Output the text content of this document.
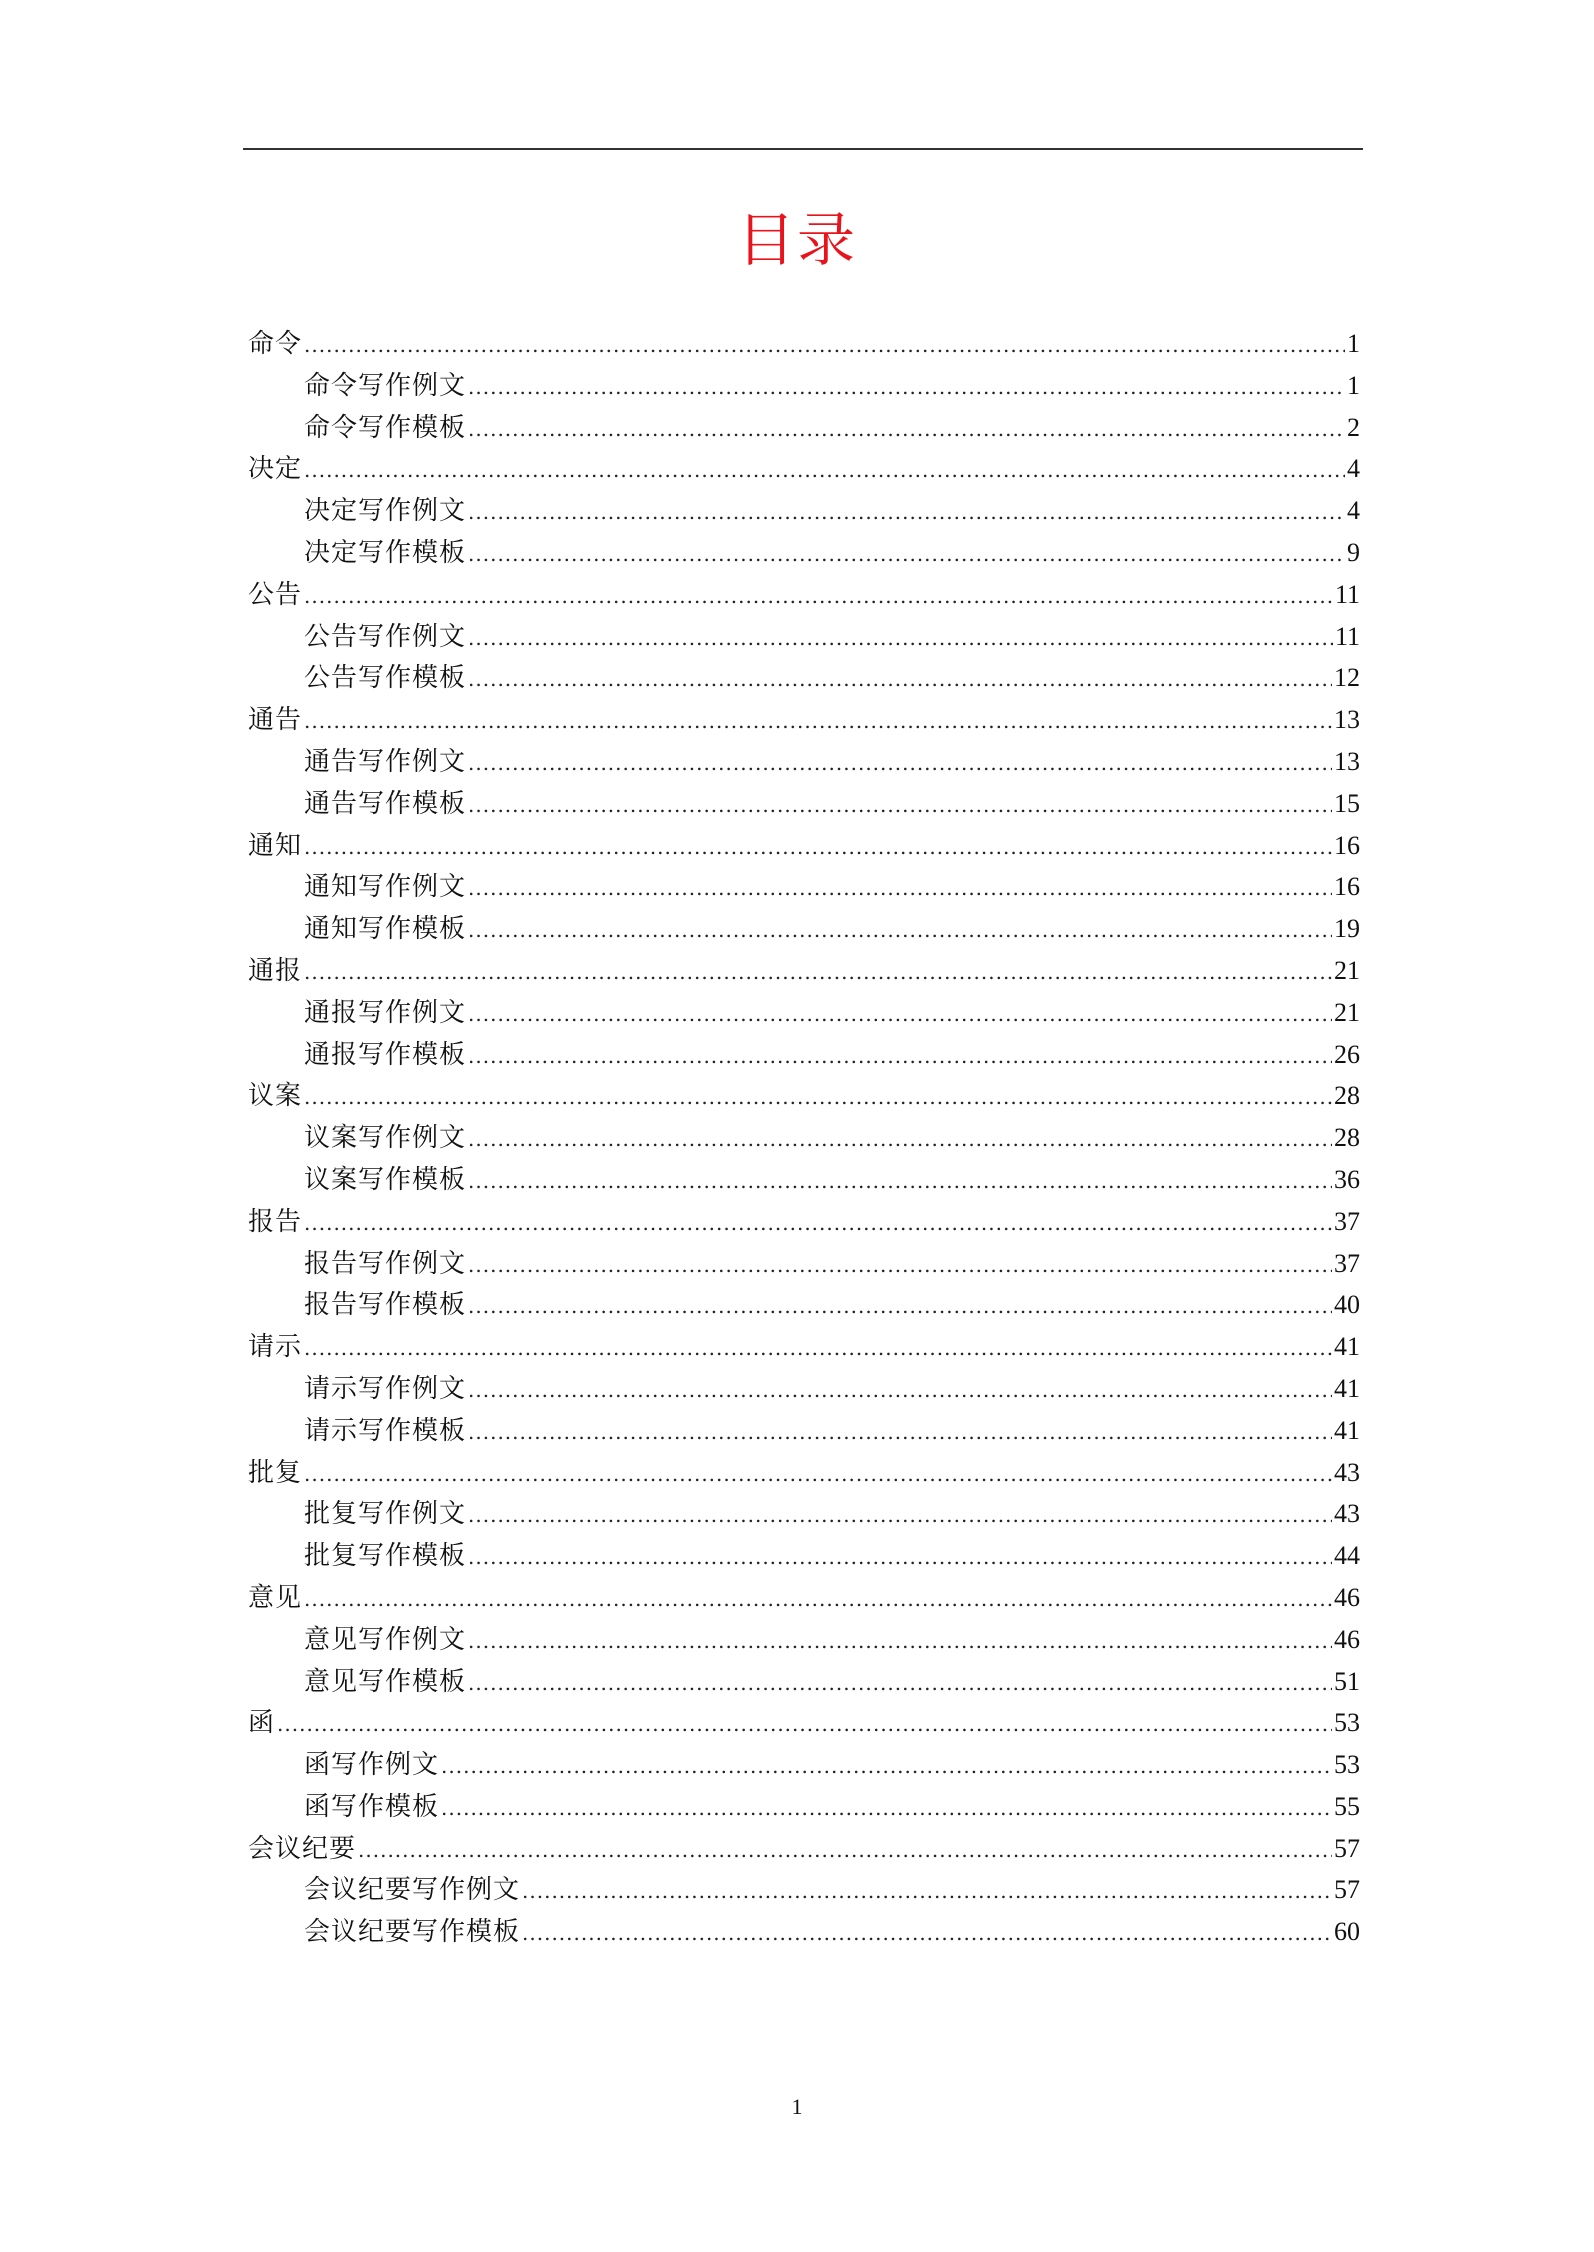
目录
命令 .....	1
命令写作例文 .....	1
命令写作模板 .....	2
决定 .....	4
决定写作例文 .....	4
决定写作模板 .....	9
公告 .....	11
公告写作例文 .....	11
公告写作模板 .....	12
通告 .....	13
通告写作例文 .....	13
通告写作模板 .....	15
通知 .....	16
通知写作例文 .....	16
通知写作模板 .....	19
通报 .....	21
通报写作例文 .....	21
通报写作模板 .....	26
议案 .....	28
议案写作例文 .....	28
议案写作模板 .....	36
报告 .....	37
报告写作例文 .....	37
报告写作模板 .....	40
请示 .....	41
请示写作例文 .....	41
请示写作模板 .....	41
批复 .....	43
批复写作例文 .....	43
批复写作模板 .....	44
意见 .....	46
意见写作例文 .....	46
意见写作模板 .....	51
函 .....	53
函写作例文 .....	53
函写作模板 .....	55
会议纪要 .....	57
会议纪要写作例文 .....	57
会议纪要写作模板 .....	60
1
